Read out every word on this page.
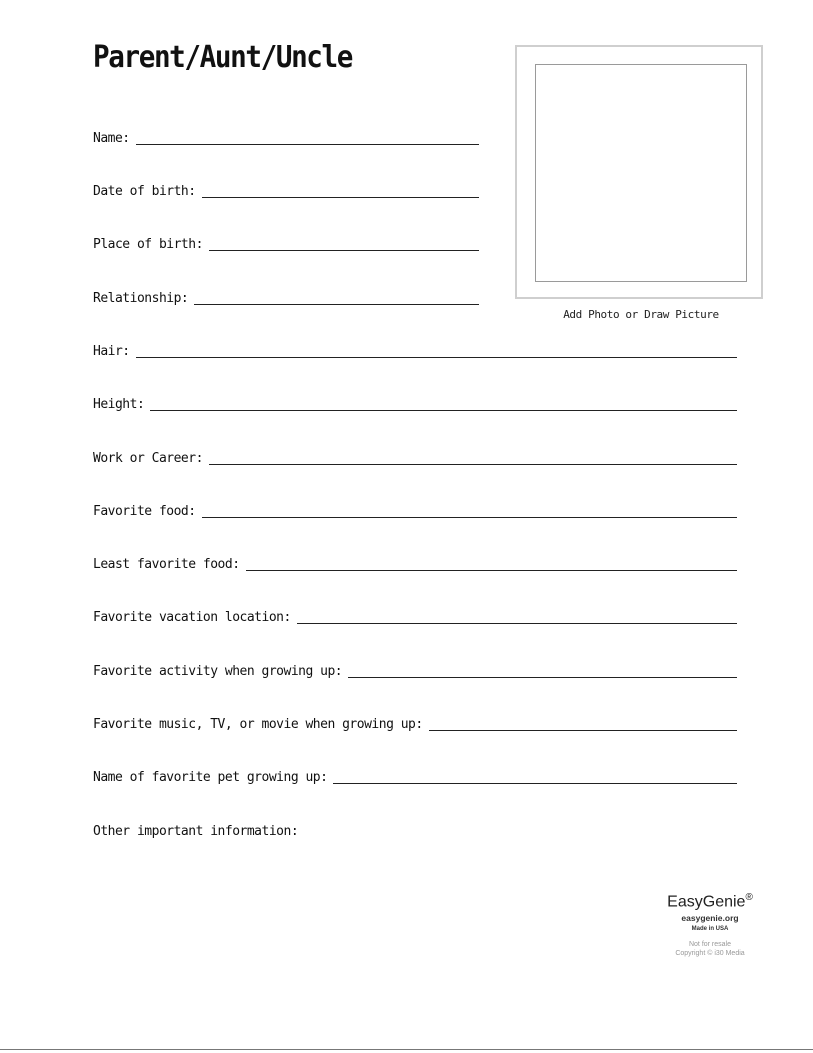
Parent/Aunt/Uncle
Add Photo or Draw Picture
Name:
Date of birth:
Place of birth:
Relationship:
Hair:
Height:
Work or Career:
Favorite food:
Least favorite food:
Favorite vacation location:
Favorite activity when growing up:
Favorite music, TV, or movie when growing up:
Name of favorite pet growing up:
Other important information:
EasyGenie®
easygenie.org
Made in USA
Not for resale
Copyright © i30 Media
